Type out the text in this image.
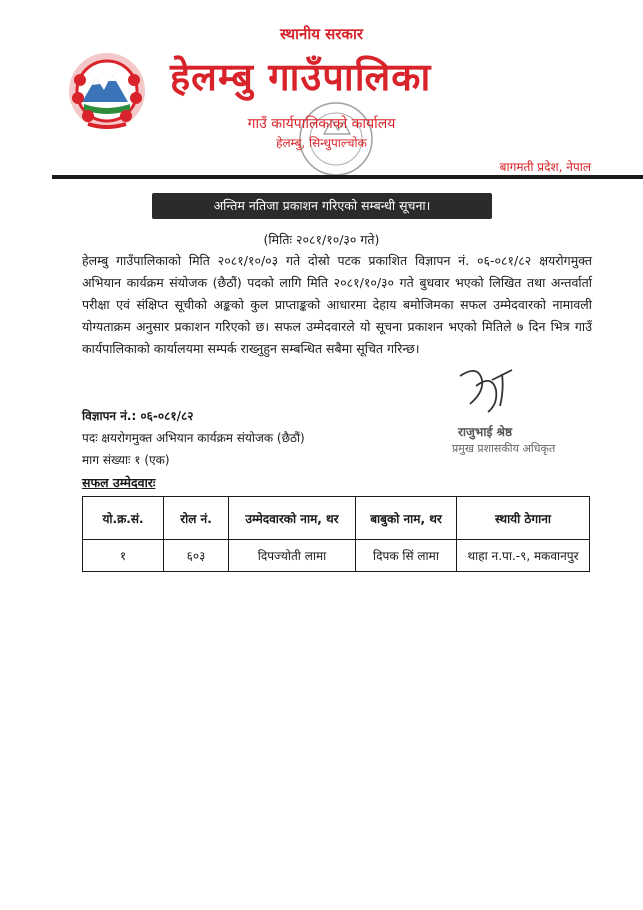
स्थानीय सरकार
हेलम्बु गाउँपालिका
गाउँ कार्यपालिकाको कार्यालय
हेलम्बु, सिन्धुपाल्चोक
बागमती प्रदेश, नेपाल
अन्तिम नतिजा प्रकाशन गरिएको सम्बन्धी सूचना।
(मितिः २०८१/१०/३० गते)
हेलम्बु गाउँपालिकाको मिति २०८१/१०/०३ गते दोस्रो पटक प्रकाशित विज्ञापन नं. ०६-०८१/८२ क्षयरोगमुक्त अभियान कार्यक्रम संयोजक (छैठौं) पदको लागि मिति २०८१/१०/३० गते बुधवार भएको लिखित तथा अन्तर्वार्ता परीक्षा एवं संक्षिप्त सूचीको अङ्कको कुल प्राप्ताङ्कको आधारमा देहाय बमोजिमका सफल उम्मेदवारको नामावली योग्यताक्रम अनुसार प्रकाशन गरिएको छ। सफल उम्मेदवारले यो सूचना प्रकाशन भएको मितिले ७ दिन भित्र गाउँ कार्यपालिकाको कार्यालयमा सम्पर्क राख्नुहुन सम्बन्धित सबैमा सूचित गरिन्छ।
राजुभाई श्रेष्ठ
प्रमुख प्रशासकीय अधिकृत
विज्ञापन नं.: ०६-०८१/८२
पदः क्षयरोगमुक्त अभियान कार्यक्रम संयोजक (छैठौं)
माग संख्याः १ (एक)
सफल उम्मेदवारः
यो.क्र.सं.	रोल नं.	उम्मेदवारको नाम, थर	बाबुको नाम, थर	स्थायी ठेगाना
१	६०३	दिपज्योती लामा	दिपक सिं लामा	थाहा न.पा.-९, मकवानपुर
